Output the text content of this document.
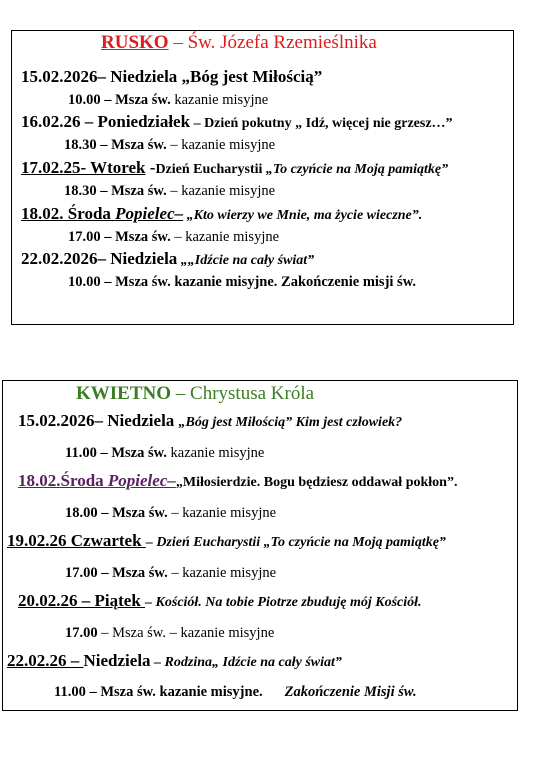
RUSKO – Św. Józefa Rzemieślnika
15.02.2026– Niedziela „Bóg jest Miłością”
10.00 – Msza św. kazanie misyjne
16.02.26 – Poniedziałek – Dzień pokutny „ Idź, więcej nie grzesz…”
18.30 – Msza św. – kazanie misyjne
17.02.25- Wtorek -Dzień Eucharystii „To czyńcie na Moją pamiątkę”
18.30 – Msza św. – kazanie misyjne
18.02. Środa Popielec– „Kto wierzy we Mnie, ma życie wieczne”.
17.00 – Msza św. – kazanie misyjne
22.02.2026– Niedziela „„Idźcie na cały świat”
10.00 – Msza św. kazanie misyjne. Zakończenie misji św.
KWIETNO – Chrystusa Króla
15.02.2026– Niedziela „Bóg jest Miłością” Kim jest człowiek?
11.00 – Msza św. kazanie misyjne
18.02.Środa Popielec–„Miłosierdzie. Bogu będziesz oddawał pokłon”.
18.00 – Msza św. – kazanie misyjne
19.02.26 Czwartek – Dzień Eucharystii „To czyńcie na Moją pamiątkę”
17.00 – Msza św. – kazanie misyjne
20.02.26 – Piątek – Kościół. Na tobie Piotrze zbuduję mój Kościół.
17.00 – Msza św. – kazanie misyjne
22.02.26 – Niedziela – Rodzina„ Idźcie na cały świat”
11.00 – Msza św. kazanie misyjne. Zakończenie Misji św.
